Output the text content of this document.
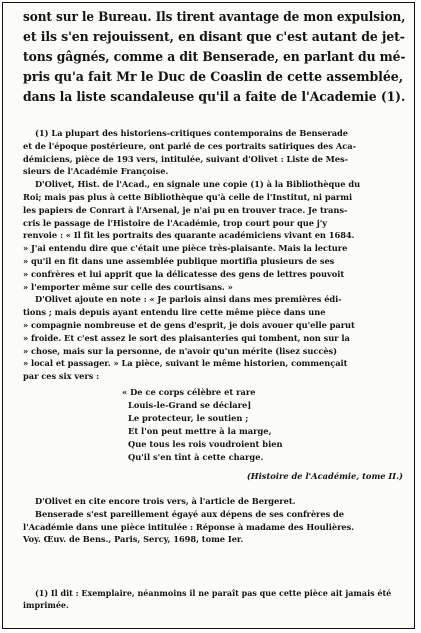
sont sur le Bureau. Ils tirent avantage de mon expulsion,
et ils s'en rejouissent, en disant que c'est autant de jet-
tons gâgnés, comme a dit Benserade, en parlant du mé-
pris qu'a fait Mr le Duc de Coaslin de cette assemblée,
dans la liste scandaleuse qu'il a faite de l'Academie (1).
(1) La plupart des historiens-critiques contemporains de Benserade
et de l'époque postérieure, ont parlé de ces portraits satiriques des Aca-
démiciens, pièce de 193 vers, intitulée, suivant d'Olivet : Liste de Mes-
sieurs de l'Académie Françoise.
D'Olivet, Hist. de l'Acad., en signale une copie (1) à la Bibliothèque du
Roi; mais pas plus à cette Bibliothèque qu'à celle de l'Institut, ni parmi
les papiers de Conrart à l'Arsenal, je n'ai pu en trouver trace. Je trans-
cris le passage de l'Histoire de l'Académie, trop court pour que j'y
renvoie : « Il fit les portraits des quarante académiciens vivant en 1684.
» J'ai entendu dire que c'était une pièce très-plaisante. Mais la lecture
» qu'il en fit dans une assemblée publique mortifia plusieurs de ses
» confrères et lui apprit que la délicatesse des gens de lettres pouvoit
» l'emporter même sur celle des courtisans. »
D'Olivet ajoute en note : « Je parlois ainsi dans mes premières édi-
tions ; mais depuis ayant entendu lire cette même pièce dans une
» compagnie nombreuse et de gens d'esprit, je dois avouer qu'elle parut
» froide. Et c'est assez le sort des plaisanteries qui tombent, non sur la
» chose, mais sur la personne, de n'avoir qu'un mérite (lisez succès)
» local et passager. » La pièce, suivant le même historien, commençait
par ces six vers :
« De ce corps célèbre et rare
Louis-le-Grand se déclare]
Le protecteur, le soutien ;
Et l'on peut mettre à la marge,
Que tous les rois voudroient bien
Qu'il s'en tînt à cette charge.
(Histoire de l'Académie, tome II.)
D'Olivet en cite encore trois vers, à l'article de Bergeret.
Benserade s'est pareillement égayé aux dépens de ses confrères de
l'Académie dans une pièce intitulée : Réponse à madame des Houlières.
Voy. Œuv. de Bens., Paris, Sercy, 1698, tome Ier.
(1) Il dit : Exemplaire, néanmoins il ne paraît pas que cette pièce ait jamais été
imprimée.
